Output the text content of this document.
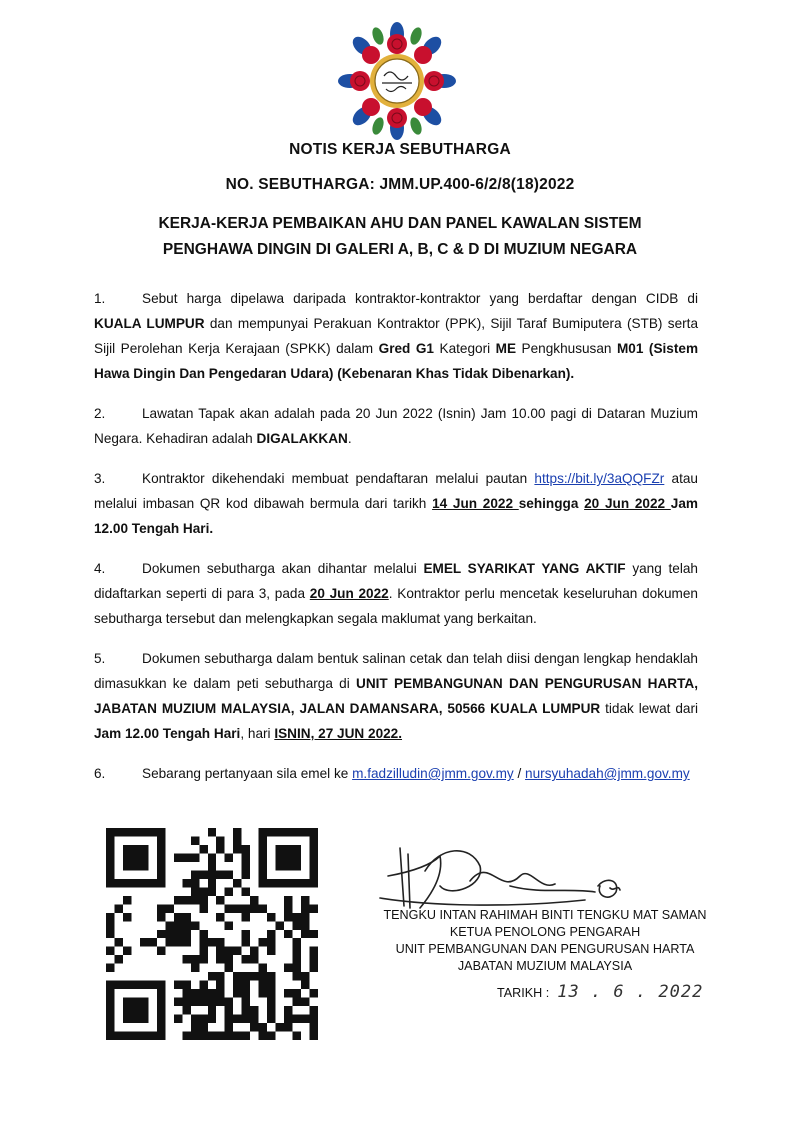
NOTIS KERJA SEBUTHARGA
NO. SEBUTHARGA: JMM.UP.400-6/2/8(18)2022
KERJA-KERJA PEMBAIKAN AHU DAN PANEL KAWALAN SISTEM
PENGHAWA DINGIN DI GALERI A, B, C & D DI MUZIUM NEGARA

1.	Sebut harga dipelawa daripada kontraktor-kontraktor yang berdaftar dengan CIDB di KUALA LUMPUR dan mempunyai Perakuan Kontraktor (PPK), Sijil Taraf Bumiputera (STB) serta Sijil Perolehan Kerja Kerajaan (SPKK) dalam Gred G1 Kategori ME Pengkhususan M01 (Sistem Hawa Dingin Dan Pengedaran Udara) (Kebenaran Khas Tidak Dibenarkan).

2.	Lawatan Tapak akan adalah pada 20 Jun 2022 (Isnin) Jam 10.00 pagi di Dataran Muzium Negara. Kehadiran adalah DIGALAKKAN.

3.	Kontraktor dikehendaki membuat pendaftaran melalui pautan https://bit.ly/3aQQFZr atau melalui imbasan QR kod dibawah bermula dari tarikh 14 Jun 2022 sehingga 20 Jun 2022 Jam 12.00 Tengah Hari.

4.	Dokumen sebutharga akan dihantar melalui EMEL SYARIKAT YANG AKTIF yang telah didaftarkan seperti di para 3, pada 20 Jun 2022. Kontraktor perlu mencetak keseluruhan dokumen sebutharga tersebut dan melengkapkan segala maklumat yang berkaitan.

5.	Dokumen sebutharga dalam bentuk salinan cetak dan telah diisi dengan lengkap hendaklah dimasukkan ke dalam peti sebutharga di UNIT PEMBANGUNAN DAN PENGURUSAN HARTA, JABATAN MUZIUM MALAYSIA, JALAN DAMANSARA, 50566 KUALA LUMPUR tidak lewat dari Jam 12.00 Tengah Hari, hari ISNIN, 27 JUN 2022.

6.	Sebarang pertanyaan sila emel ke m.fadzilludin@jmm.gov.my / nursyuhadah@jmm.gov.my

TENGKU INTAN RAHIMAH BINTI TENGKU MAT SAMAN
KETUA PENOLONG PENGARAH
UNIT PEMBANGUNAN DAN PENGURUSAN HARTA
JABATAN MUZIUM MALAYSIA
TARIKH : 13 . 6 . 2022
